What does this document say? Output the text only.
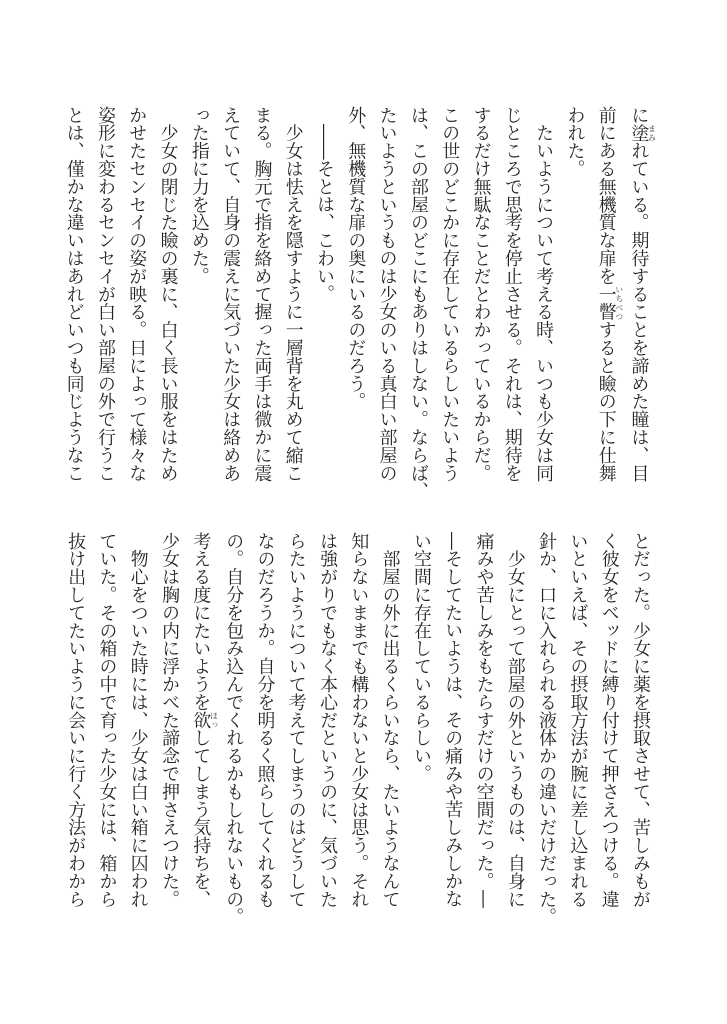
に塗まみれている。期待することを諦めた瞳は、目
前にある無機質な扉を一瞥いちべつすると瞼の下に仕舞
われた。
　たいようについて考える時、いつも少女は同
じところで思考を停止させる。それは、期待を
するだけ無駄なことだとわかっているからだ。
この世のどこかに存在しているらしいたいよう
は、この部屋のどこにもありはしない。ならば、
たいようというものは少女のいる真白い部屋の
外、無機質な扉の奥にいるのだろう。
　――そとは、こわい。
　少女は怯えを隠すように一層背を丸めて縮こ
まる。胸元で指を絡めて握った両手は微かに震
えていて、自身の震えに気づいた少女は絡めあ
った指に力を込めた。
　少女の閉じた瞼の裏に、白く長い服をはため
かせたセンセイの姿が映る。日によって様々な
姿形に変わるセンセイが白い部屋の外で行うこ
とは、僅かな違いはあれどいつも同じようなこ
とだった。少女に薬を摂取させて、苦しみもが
く彼女をベッドに縛り付けて押さえつける。違
いといえば、その摂取方法が腕に差し込まれる
針か、口に入れられる液体かの違いだけだった。
　少女にとって部屋の外というものは、自身に
痛みや苦しみをもたらすだけの空間だった。―
―そしてたいようは、その痛みや苦しみしかな
い空間に存在しているらしい。
　部屋の外に出るくらいなら、たいようなんて
知らないままでも構わないと少女は思う。それ
は強がりでもなく本心だというのに、気づいた
らたいようについて考えてしまうのはどうして
なのだろうか。自分を明るく照らしてくれるも
の。自分を包み込んでくれるかもしれないもの。
考える度にたいようを欲ほっしてしまう気持ちを、
少女は胸の内に浮かべた諦念で押さえつけた。
　物心をついた時には、少女は白い箱に囚われ
ていた。その箱の中で育った少女には、箱から
抜け出してたいように会いに行く方法がわから
